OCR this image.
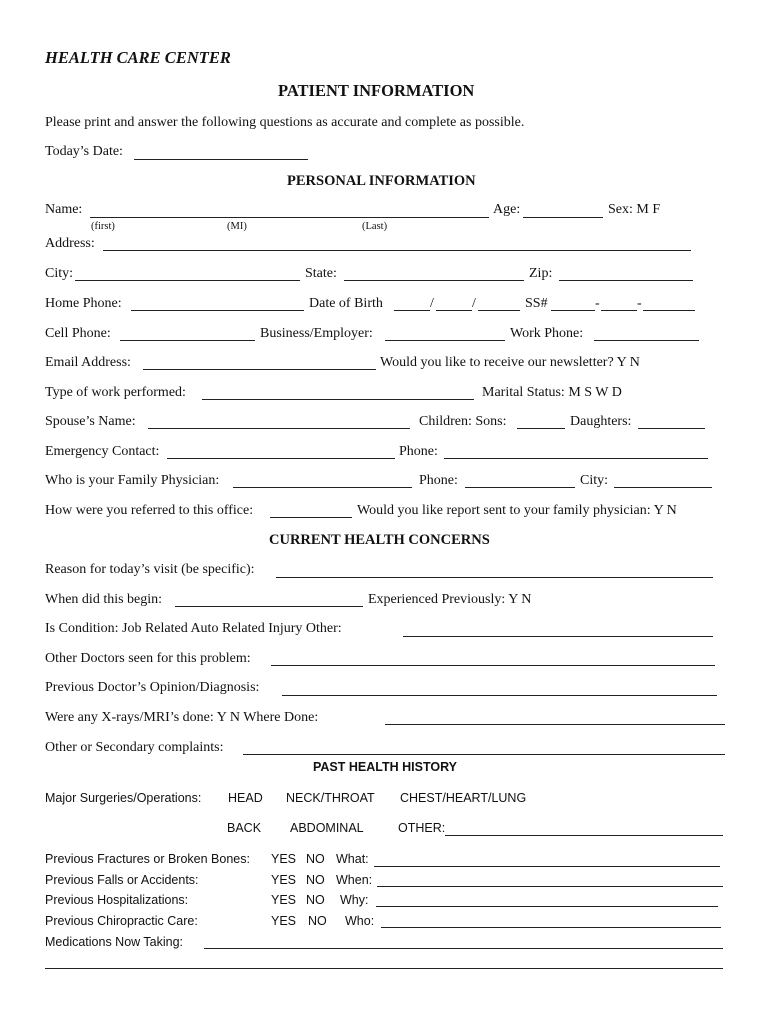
HEALTH CARE CENTER
PATIENT INFORMATION
Please print and answer the following questions as accurate and complete as possible.
Today’s Date:
PERSONAL INFORMATION
Name:	Age:	Sex: M F
(first)	(MI)	(Last)
Address:
City:	State:	Zip:
Home Phone:	Date of Birth	/	/	SS#	-	-
Cell Phone:	Business/Employer:	Work Phone:
Email Address:	Would you like to receive our newsletter? Y N
Type of work performed:	Marital Status: M S W D
Spouse’s Name:	Children: Sons:	Daughters:
Emergency Contact:	Phone:
Who is your Family Physician:	Phone:	City:
How were you referred to this office:	Would you like report sent to your family physician: Y N
CURRENT HEALTH CONCERNS
Reason for today’s visit (be specific):
When did this begin:	Experienced Previously: Y N
Is Condition: Job Related Auto Related Injury Other:
Other Doctors seen for this problem:
Previous Doctor’s Opinion/Diagnosis:
Were any X-rays/MRI’s done: Y N Where Done:
Other or Secondary complaints:
PAST HEALTH HISTORY
Major Surgeries/Operations: HEAD NECK/THROAT CHEST/HEART/LUNG
BACK ABDOMINAL	OTHER:
Previous Fractures or Broken Bones: YES NO What:
Previous Falls or Accidents:	YES NO When:
Previous Hospitalizations:	YES NO Why:
Previous Chiropractic Care:	YES NO Who:
Medications Now Taking:
